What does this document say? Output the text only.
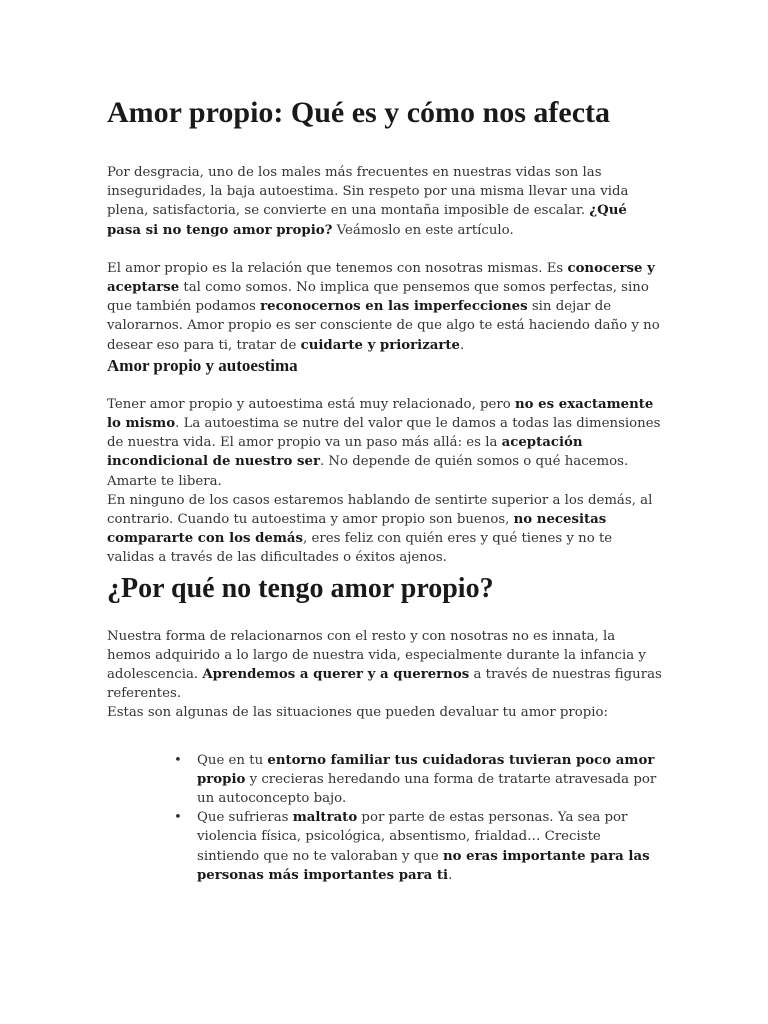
Amor propio: Qué es y cómo nos afecta

Por desgracia, uno de los males más frecuentes en nuestras vidas son las inseguridades, la baja autoestima. Sin respeto por una misma llevar una vida plena, satisfactoria, se convierte en una montaña imposible de escalar. ¿Qué pasa si no tengo amor propio? Veámoslo en este artículo.

El amor propio es la relación que tenemos con nosotras mismas. Es conocerse y aceptarse tal como somos. No implica que pensemos que somos perfectas, sino que también podamos reconocernos en las imperfecciones sin dejar de valorarnos. Amor propio es ser consciente de que algo te está haciendo daño y no desear eso para ti, tratar de cuidarte y priorizarte.

Amor propio y autoestima

Tener amor propio y autoestima está muy relacionado, pero no es exactamente lo mismo. La autoestima se nutre del valor que le damos a todas las dimensiones de nuestra vida. El amor propio va un paso más allá: es la aceptación incondicional de nuestro ser. No depende de quién somos o qué hacemos. Amarte te libera.

En ninguno de los casos estaremos hablando de sentirte superior a los demás, al contrario. Cuando tu autoestima y amor propio son buenos, no necesitas compararte con los demás, eres feliz con quién eres y qué tienes y no te validas a través de las dificultades o éxitos ajenos.

¿Por qué no tengo amor propio?

Nuestra forma de relacionarnos con el resto y con nosotras no es innata, la hemos adquirido a lo largo de nuestra vida, especialmente durante la infancia y adolescencia. Aprendemos a querer y a querernos a través de nuestras figuras referentes.

Estas son algunas de las situaciones que pueden devaluar tu amor propio:

• Que en tu entorno familiar tus cuidadoras tuvieran poco amor propio y crecieras heredando una forma de tratarte atravesada por un autoconcepto bajo.
• Que sufrieras maltrato por parte de estas personas. Ya sea por violencia física, psicológica, absentismo, frialdad… Creciste sintiendo que no te valoraban y que no eras importante para las personas más importantes para ti.
